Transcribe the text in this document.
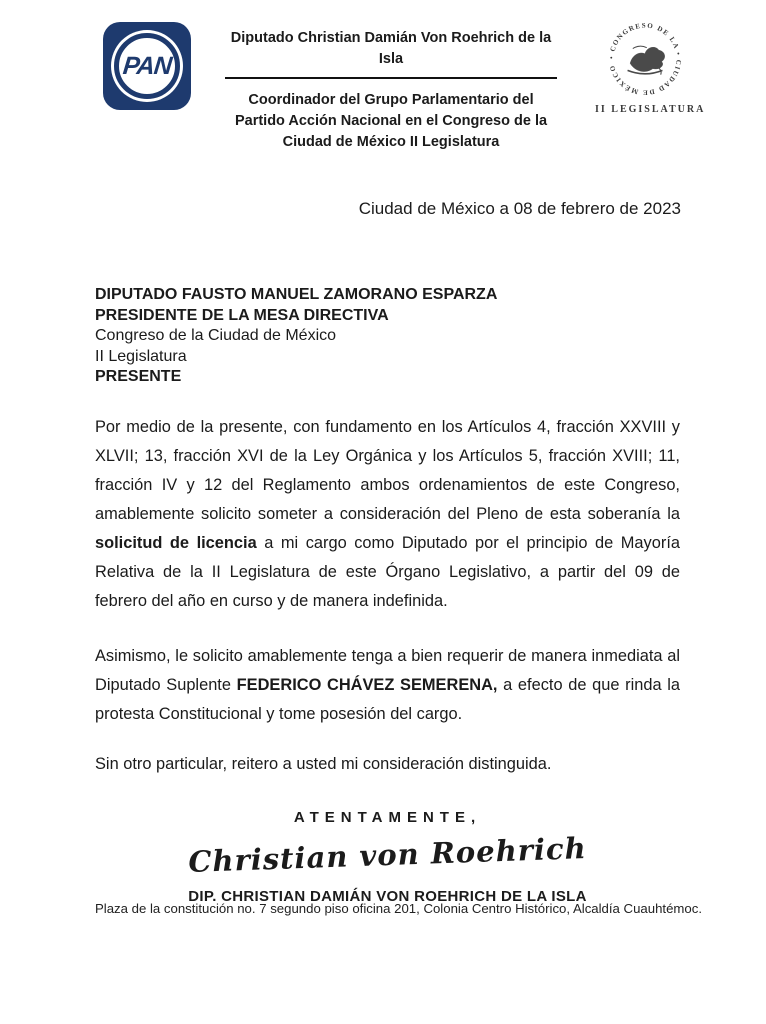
PAN
Diputado Christian Damián Von Roehrich de la Isla
Coordinador del Grupo Parlamentario del Partido Acción Nacional en el Congreso de la Ciudad de México II Legislatura
• CONGRESO DE LA • CIUDAD DE MÉXICO
II LEGISLATURA
Ciudad de México a 08 de febrero de 2023
DIPUTADO FAUSTO MANUEL ZAMORANO ESPARZA
PRESIDENTE DE LA MESA DIRECTIVA
Congreso de la Ciudad de México
II Legislatura
PRESENTE

Por medio de la presente, con fundamento en los Artículos 4, fracción XXVIII y XLVII; 13, fracción XVI de la Ley Orgánica y los Artículos 5, fracción XVIII; 11, fracción IV y 12 del Reglamento ambos ordenamientos de este Congreso, amablemente solicito someter a consideración del Pleno de esta soberanía la solicitud de licencia a mi cargo como Diputado por el principio de Mayoría Relativa de la II Legislatura de este Órgano Legislativo, a partir del 09 de febrero del año en curso y de manera indefinida.

Asimismo, le solicito amablemente tenga a bien requerir de manera inmediata al Diputado Suplente FEDERICO CHÁVEZ SEMERENA, a efecto de que rinda la protesta Constitucional y tome posesión del cargo.

Sin otro particular, reitero a usted mi consideración distinguida.

ATENTAMENTE,
Christian von Roehrich
DIP. CHRISTIAN DAMIÁN VON ROEHRICH DE LA ISLA
Plaza de la constitución no. 7 segundo piso oficina 201, Colonia Centro Histórico, Alcaldía Cuauhtémoc.
